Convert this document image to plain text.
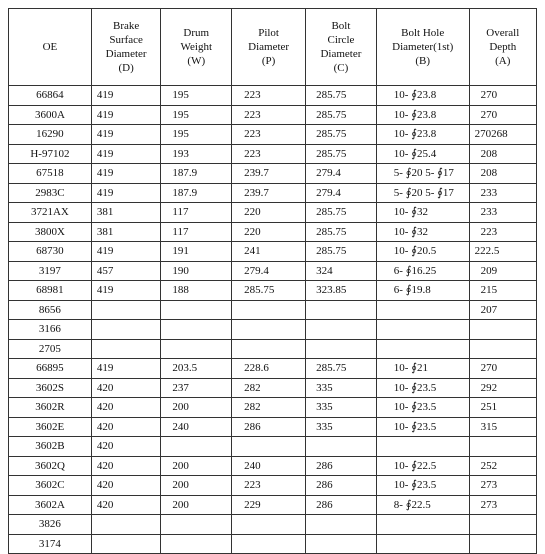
OE	Brake
Surface
Diameter
(D)	Drum
Weight
(W)	Pilot
Diameter
(P)	Bolt
Circle
Diameter
(C)	Bolt Hole
Diameter(1st)
(B)	Overall
Depth
(A)

66864	419	195	223	285.75	10- ∮23.8	270
3600A	419	195	223	285.75	10- ∮23.8	270
16290	419	195	223	285.75	10- ∮23.8	270268
H-97102	419	193	223	285.75	10- ∮25.4	208
67518	419	187.9	239.7	279.4	5- ∮20 5- ∮17	208
2983C	419	187.9	239.7	279.4	5- ∮20 5- ∮17	233
3721AX	381	117	220	285.75	10- ∮32	233
3800X	381	117	220	285.75	10- ∮32	223
68730	419	191	241	285.75	10- ∮20.5	222.5
3197	457	190	279.4	324	6- ∮16.25	209
68981	419	188	285.75	323.85	6- ∮19.8	215
8656						207
3166						
2705						
66895	419	203.5	228.6	285.75	10- ∮21	270
3602S	420	237	282	335	10- ∮23.5	292
3602R	420	200	282	335	10- ∮23.5	251
3602E	420	240	286	335	10- ∮23.5	315
3602B	420					
3602Q	420	200	240	286	10- ∮22.5	252
3602C	420	200	223	286	10- ∮23.5	273
3602A	420	200	229	286	8- ∮22.5	273
3826						
3174						
